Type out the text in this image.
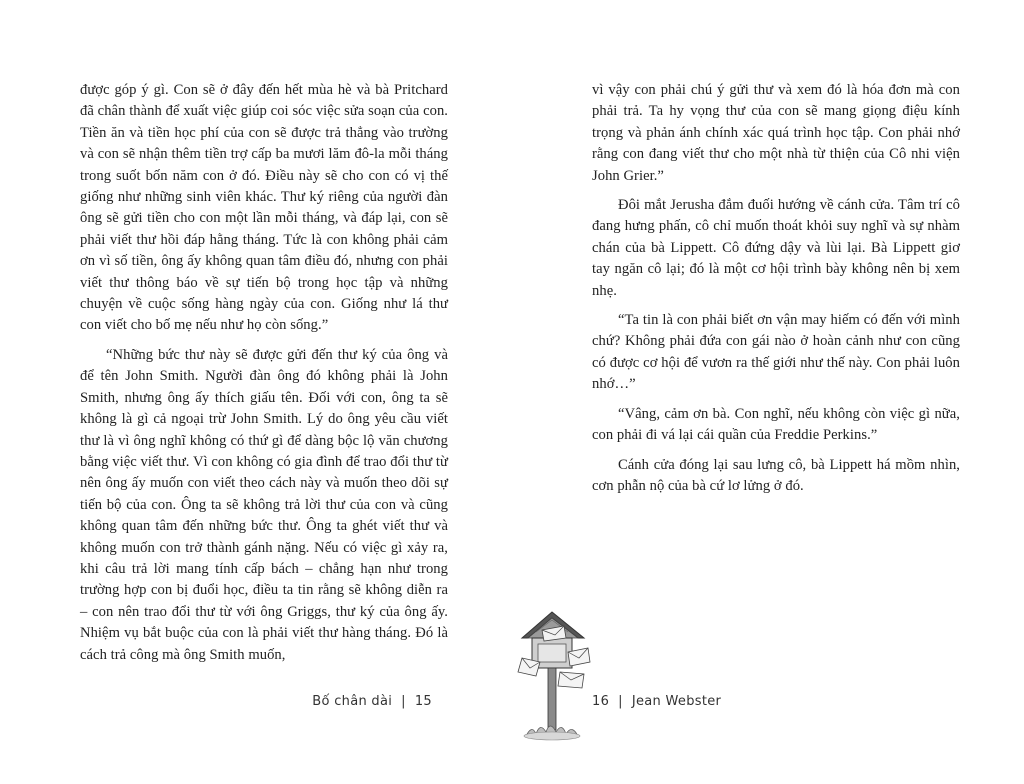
được góp ý gì. Con sẽ ở đây đến hết mùa hè và bà Pritchard đã chân thành để xuất việc giúp coi sóc việc sửa soạn của con. Tiền ăn và tiền học phí của con sẽ được trả thẳng vào trường và con sẽ nhận thêm tiền trợ cấp ba mươi lăm đô-la mỗi tháng trong suốt bốn năm con ở đó. Điều này sẽ cho con có vị thế giống như những sinh viên khác. Thư ký riêng của người đàn ông sẽ gửi tiền cho con một lần mỗi tháng, và đáp lại, con sẽ phải viết thư hồi đáp hằng tháng. Tức là con không phải cảm ơn vì số tiền, ông ấy không quan tâm điều đó, nhưng con phải viết thư thông báo về sự tiến bộ trong học tập và những chuyện về cuộc sống hàng ngày của con. Giống như lá thư con viết cho bố mẹ nếu như họ còn sống.”

“Những bức thư này sẽ được gửi đến thư ký của ông và để tên John Smith. Người đàn ông đó không phải là John Smith, nhưng ông ấy thích giấu tên. Đối với con, ông ta sẽ không là gì cả ngoại trừ John Smith. Lý do ông yêu cầu viết thư là vì ông nghĩ không có thứ gì để dàng bộc lộ văn chương bằng việc viết thư. Vì con không có gia đình để trao đổi thư từ nên ông ấy muốn con viết theo cách này và muốn theo dõi sự tiến bộ của con. Ông ta sẽ không trả lời thư của con và cũng không quan tâm đến những bức thư. Ông ta ghét viết thư và không muốn con trở thành gánh nặng. Nếu có việc gì xảy ra, khi câu trả lời mang tính cấp bách – chẳng hạn như trong trường hợp con bị đuổi học, điều ta tin rằng sẽ không diễn ra – con nên trao đổi thư từ với ông Griggs, thư ký của ông ấy. Nhiệm vụ bắt buộc của con là phải viết thư hàng tháng. Đó là cách trả công mà ông Smith muốn,

vì vậy con phải chú ý gửi thư và xem đó là hóa đơn mà con phải trả. Ta hy vọng thư của con sẽ mang giọng điệu kính trọng và phản ánh chính xác quá trình học tập. Con phải nhớ rằng con đang viết thư cho một nhà từ thiện của Cô nhi viện John Grier.”

Đôi mắt Jerusha đắm đuối hướng về cánh cửa. Tâm trí cô đang hưng phấn, cô chỉ muốn thoát khỏi suy nghĩ và sự nhàm chán của bà Lippett. Cô đứng dậy và lùi lại. Bà Lippett giơ tay ngăn cô lại; đó là một cơ hội trình bày không nên bị xem nhẹ.

“Ta tin là con phải biết ơn vận may hiếm có đến với mình chứ? Không phải đứa con gái nào ở hoàn cảnh như con cũng có được cơ hội để vươn ra thế giới như thế này. Con phải luôn nhớ…”

“Vâng, cảm ơn bà. Con nghĩ, nếu không còn việc gì nữa, con phải đi vá lại cái quần của Freddie Perkins.”

Cánh cửa đóng lại sau lưng cô, bà Lippett há mồm nhìn, cơn phẫn nộ của bà cứ lơ lửng ở đó.

Bố chân dài | 15	16 | Jean Webster
